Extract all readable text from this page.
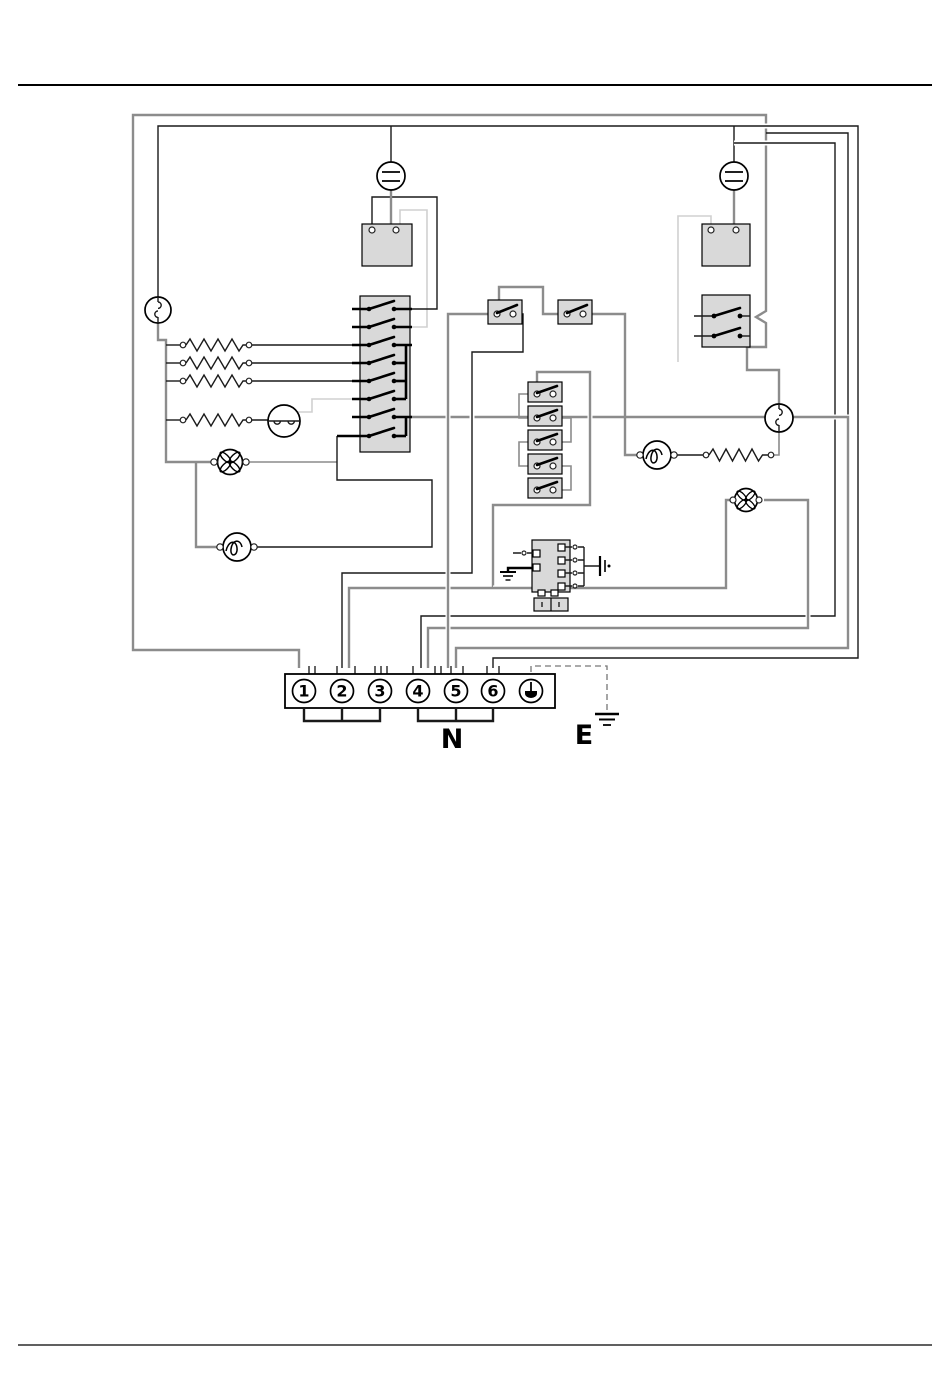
1 2 3 4 5 6
N	E
